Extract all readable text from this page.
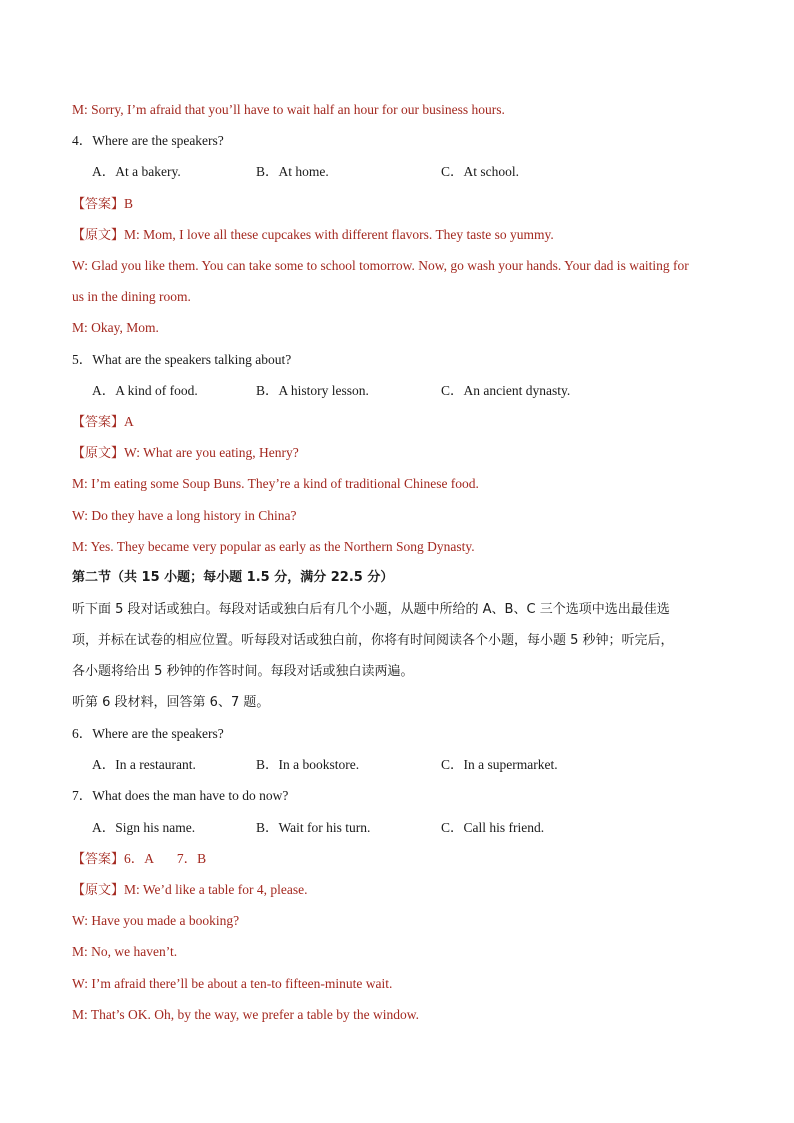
M: Sorry, I’m afraid that you’ll have to wait half an hour for our business hours.
4．Where are the speakers?
A．At a bakery.	B．At home.	C．At school.
【答案】B
【原文】M: Mom, I love all these cupcakes with different flavors. They taste so yummy.
W: Glad you like them. You can take some to school tomorrow. Now, go wash your hands. Your dad is waiting for
us in the dining room.
M: Okay, Mom.
5．What are the speakers talking about?
A．A kind of food.	B．A history lesson.	C．An ancient dynasty.
【答案】A
【原文】W: What are you eating, Henry?
M: I’m eating some Soup Buns. They’re a kind of traditional Chinese food.
W: Do they have a long history in China?
M: Yes. They became very popular as early as the Northern Song Dynasty.
第二节（共 15 小题；每小题 1.5 分，满分 22.5 分）
听下面 5 段对话或独白。每段对话或独白后有几个小题，从题中所给的 A、B、C 三个选项中选出最佳选
项，并标在试卷的相应位置。听每段对话或独白前，你将有时间阅读各个小题，每小题 5 秒钟；听完后，
各小题将给出 5 秒钟的作答时间。每段对话或独白读两遍。
听第 6 段材料，回答第 6、7 题。
6．Where are the speakers?
A．In a restaurant.	B．In a bookstore.	C．In a supermarket.
7．What does the man have to do now?
A．Sign his name.	B．Wait for his turn.	C．Call his friend.
【答案】6．A       7．B
【原文】M: We’d like a table for 4, please.
W: Have you made a booking?
M: No, we haven’t.
W: I’m afraid there’ll be about a ten-to fifteen-minute wait.
M: That’s OK. Oh, by the way, we prefer a table by the window.
